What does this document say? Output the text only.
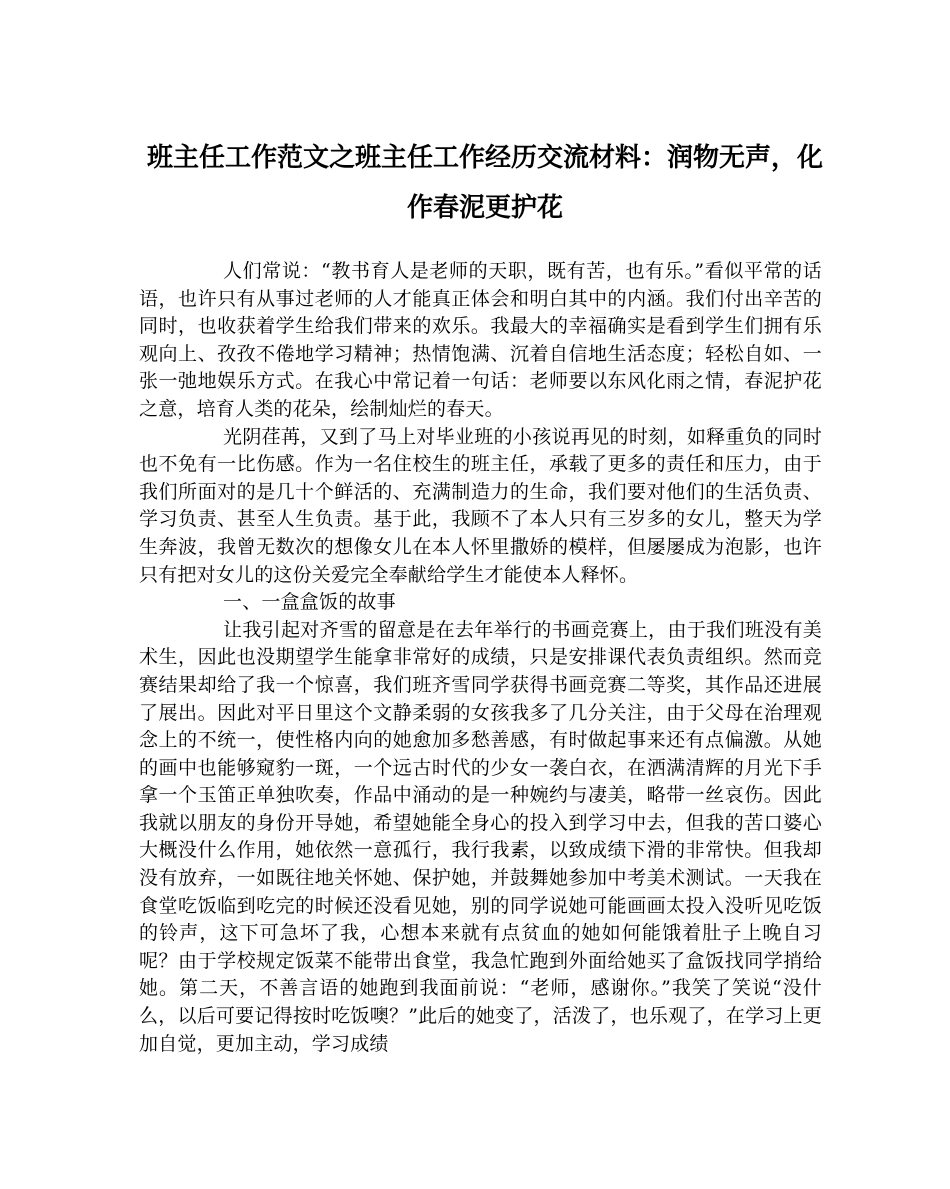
班主任工作范文之班主任工作经历交流材料：润物无声，化作春泥更护花

人们常说：“教书育人是老师的天职，既有苦，也有乐。”看似平常的话语，也许只有从事过老师的人才能真正体会和明白其中的内涵。我们付出辛苦的同时，也收获着学生给我们带来的欢乐。我最大的幸福确实是看到学生们拥有乐观向上、孜孜不倦地学习精神；热情饱满、沉着自信地生活态度；轻松自如、一张一弛地娱乐方式。在我心中常记着一句话：老师要以东风化雨之情，春泥护花之意，培育人类的花朵，绘制灿烂的春天。

光阴荏苒，又到了马上对毕业班的小孩说再见的时刻，如释重负的同时也不免有一比伤感。作为一名住校生的班主任，承载了更多的责任和压力，由于我们所面对的是几十个鲜活的、充满制造力的生命，我们要对他们的生活负责、学习负责、甚至人生负责。基于此，我顾不了本人只有三岁多的女儿，整天为学生奔波，我曾无数次的想像女儿在本人怀里撒娇的模样，但屡屡成为泡影，也许只有把对女儿的这份关爱完全奉献给学生才能使本人释怀。

一、一盒盒饭的故事

让我引起对齐雪的留意是在去年举行的书画竞赛上，由于我们班没有美术生，因此也没期望学生能拿非常好的成绩，只是安排课代表负责组织。然而竞赛结果却给了我一个惊喜，我们班齐雪同学获得书画竞赛二等奖，其作品还进展了展出。因此对平日里这个文静柔弱的女孩我多了几分关注，由于父母在治理观念上的不统一，使性格内向的她愈加多愁善感，有时做起事来还有点偏激。从她的画中也能够窥豹一斑，一个远古时代的少女一袭白衣，在洒满清辉的月光下手拿一个玉笛正单独吹奏，作品中涌动的是一种婉约与凄美，略带一丝哀伤。因此我就以朋友的身份开导她，希望她能全身心的投入到学习中去，但我的苦口婆心大概没什么作用，她依然一意孤行，我行我素，以致成绩下滑的非常快。但我却没有放弃，一如既往地关怀她、保护她，并鼓舞她参加中考美术测试。一天我在食堂吃饭临到吃完的时候还没看见她，别的同学说她可能画画太投入没听见吃饭的铃声，这下可急坏了我，心想本来就有点贫血的她如何能饿着肚子上晚自习呢？由于学校规定饭菜不能带出食堂，我急忙跑到外面给她买了盒饭找同学捎给她。第二天，不善言语的她跑到我面前说：“老师，感谢你。”我笑了笑说“没什么，以后可要记得按时吃饭噢？”此后的她变了，活泼了，也乐观了，在学习上更加自觉，更加主动，学习成绩
